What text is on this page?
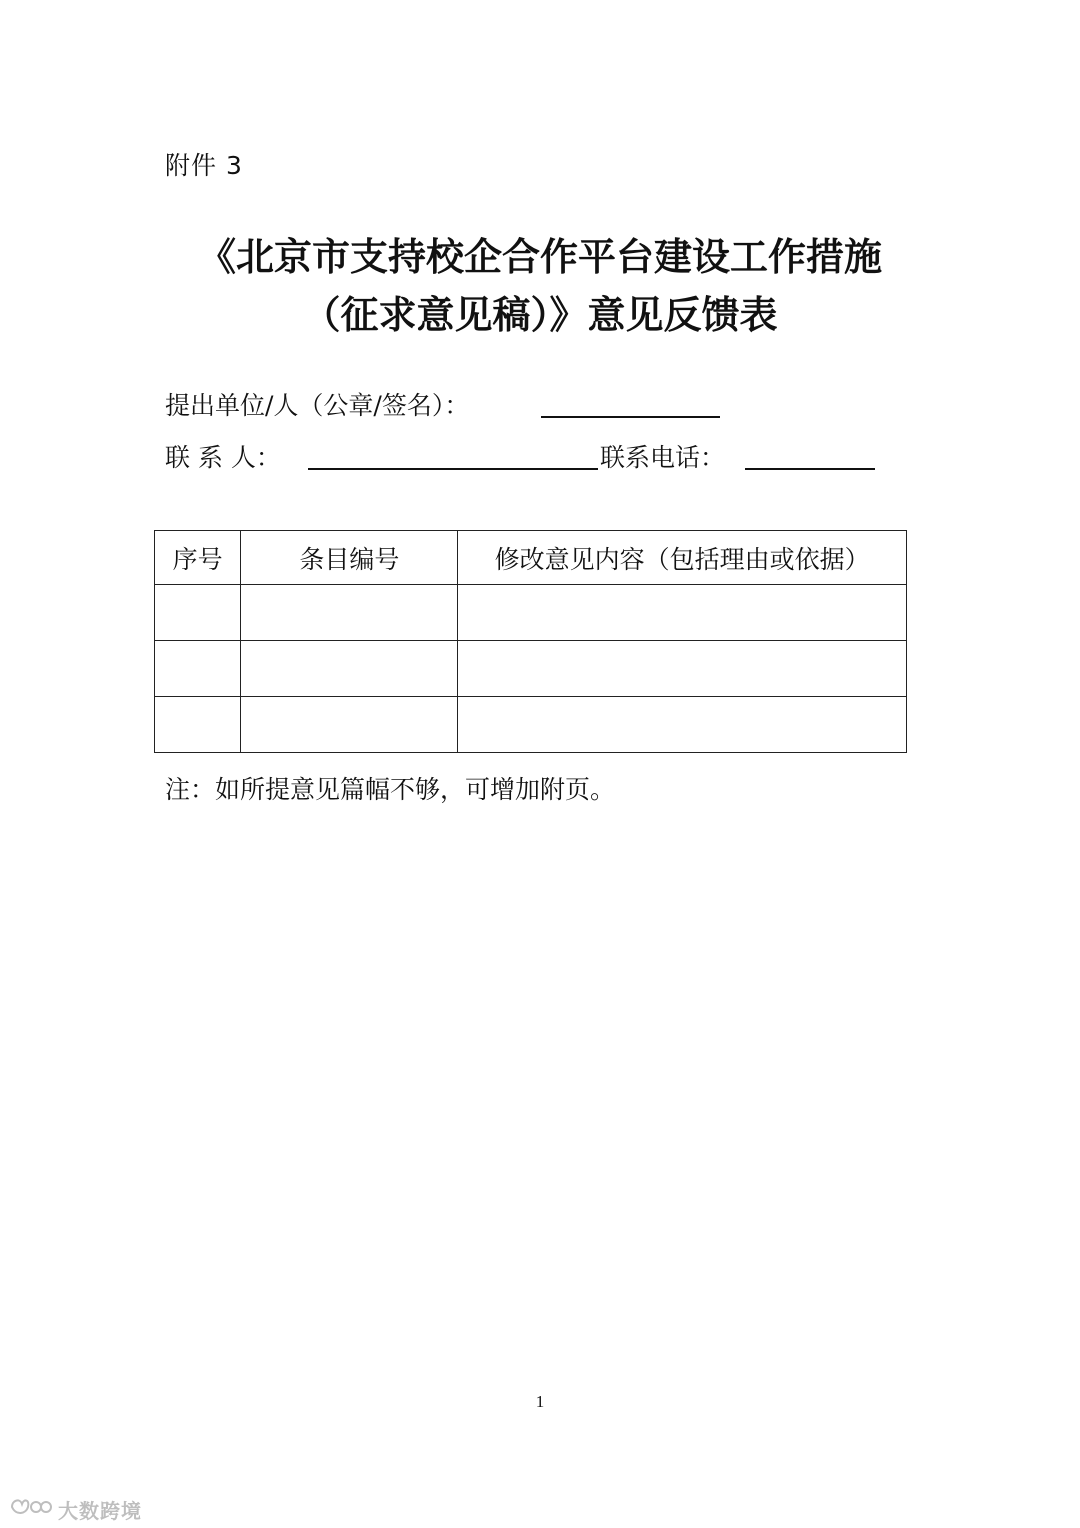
附件 3
《北京市支持校企合作平台建设工作措施
（征求意见稿）》意见反馈表
提出单位/人（公章/签名）：
联 系 人：	联系电话：
序号	条目编号	修改意见内容（包括理由或依据）

注：如所提意见篇幅不够，可增加附页。
1
大数跨境
